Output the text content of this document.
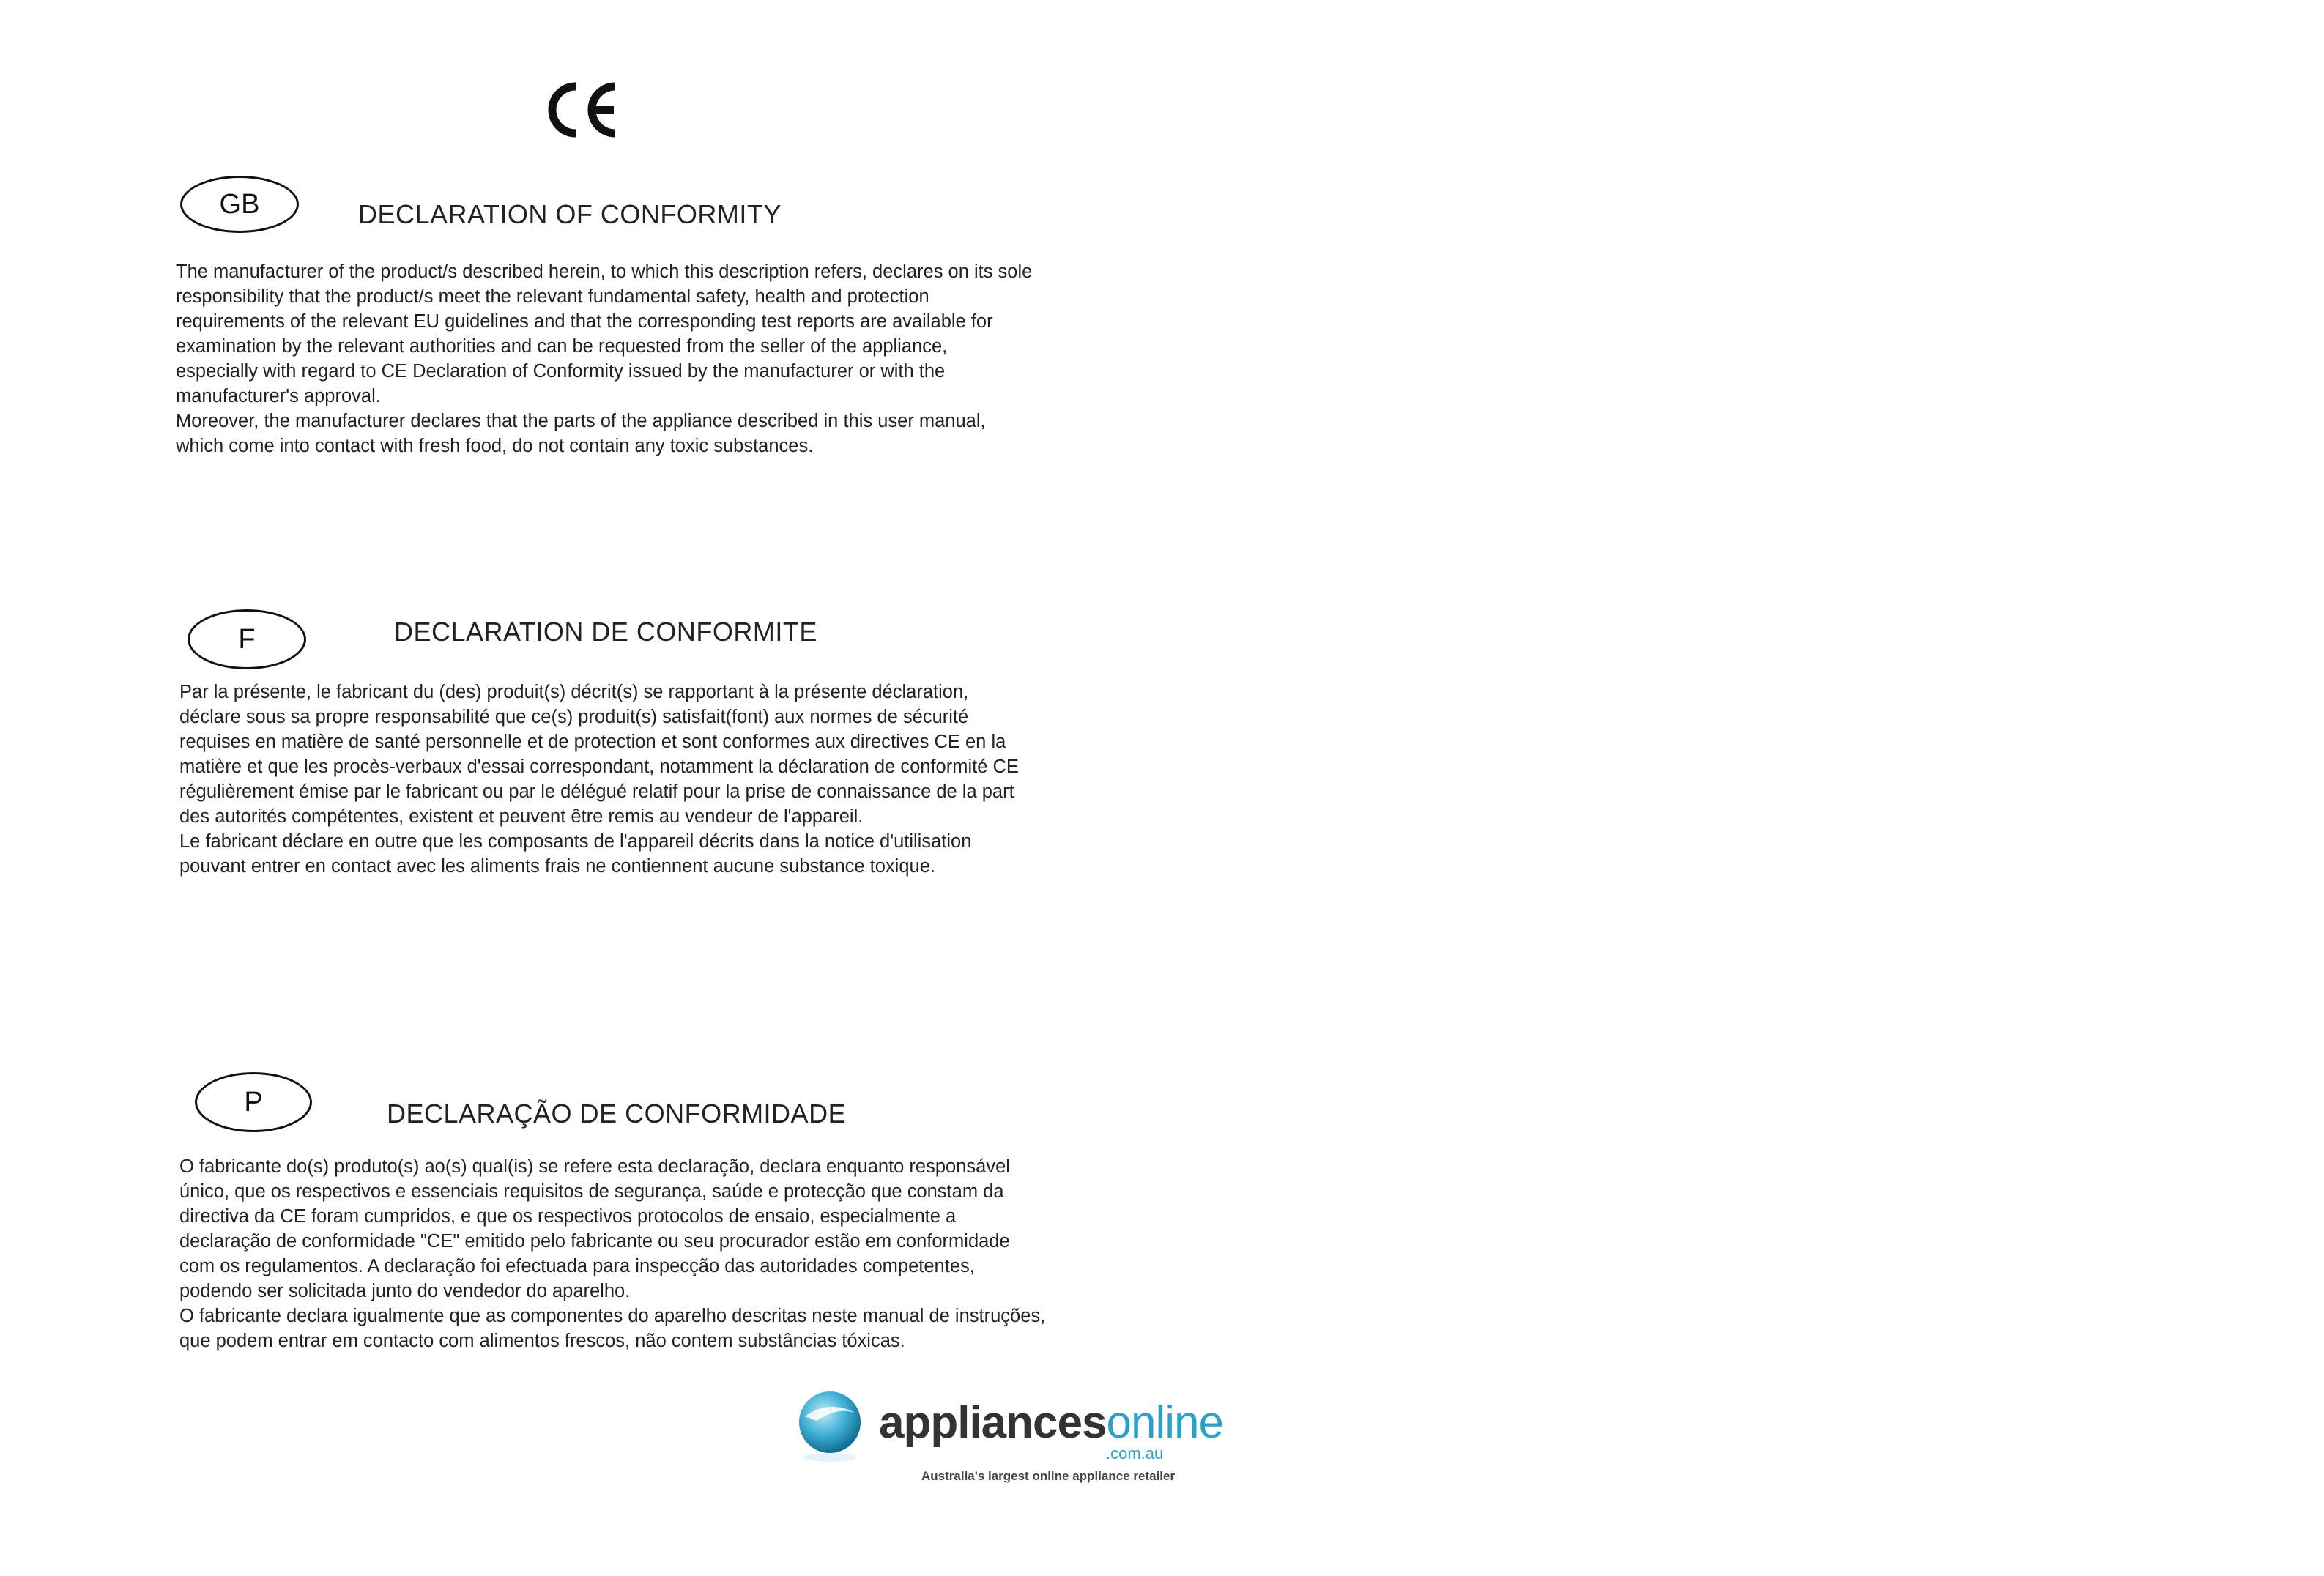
GB	DECLARATION OF CONFORMITY

The manufacturer of the product/s described herein, to which this description refers, declares on its sole responsibility that the product/s meet the relevant fundamental safety, health and protection requirements of the relevant EU guidelines and that the corresponding test reports are available for examination by the relevant authorities and can be requested from the seller of the appliance, especially with regard to CE Declaration of Conformity issued by the manufacturer or with the manufacturer's approval.

Moreover, the manufacturer declares that the parts of the appliance described in this user manual, which come into contact with fresh food, do not contain any toxic substances.

F	DECLARATION DE CONFORMITE

Par la présente, le fabricant du (des) produit(s) décrit(s) se rapportant à la présente déclaration, déclare sous sa propre responsabilité que ce(s) produit(s) satisfait(font) aux normes de sécurité requises en matière de santé personnelle et de protection et sont conformes aux directives CE en la matière et que les procès-verbaux d'essai correspondant, notamment la déclaration de conformité CE régulièrement émise par le fabricant ou par le délégué relatif pour la prise de connaissance de la part des autorités compétentes, existent et peuvent être remis au vendeur de l'appareil.

Le fabricant déclare en outre que les composants de l'appareil décrits dans la notice d'utilisation pouvant entrer en contact avec les aliments frais ne contiennent aucune substance toxique.

P	DECLARAÇÃO DE CONFORMIDADE

O fabricante do(s) produto(s) ao(s) qual(is) se refere esta declaração, declara enquanto responsável único, que os respectivos e essenciais requisitos de segurança, saúde e protecção que constam da directiva da CE foram cumpridos, e que os respectivos protocolos de ensaio, especialmente a declaração de conformidade "CE" emitido pelo fabricante ou seu procurador estão em conformidade com os regulamentos. A declaração foi efectuada para inspecção das autoridades competentes, podendo ser solicitada junto do vendedor do aparelho.

O fabricante declara igualmente que as componentes do aparelho descritas neste manual de instruções, que podem entrar em contacto com alimentos frescos, não contem substâncias tóxicas.

appliancesonline
.com.au
Australia's largest online appliance retailer
